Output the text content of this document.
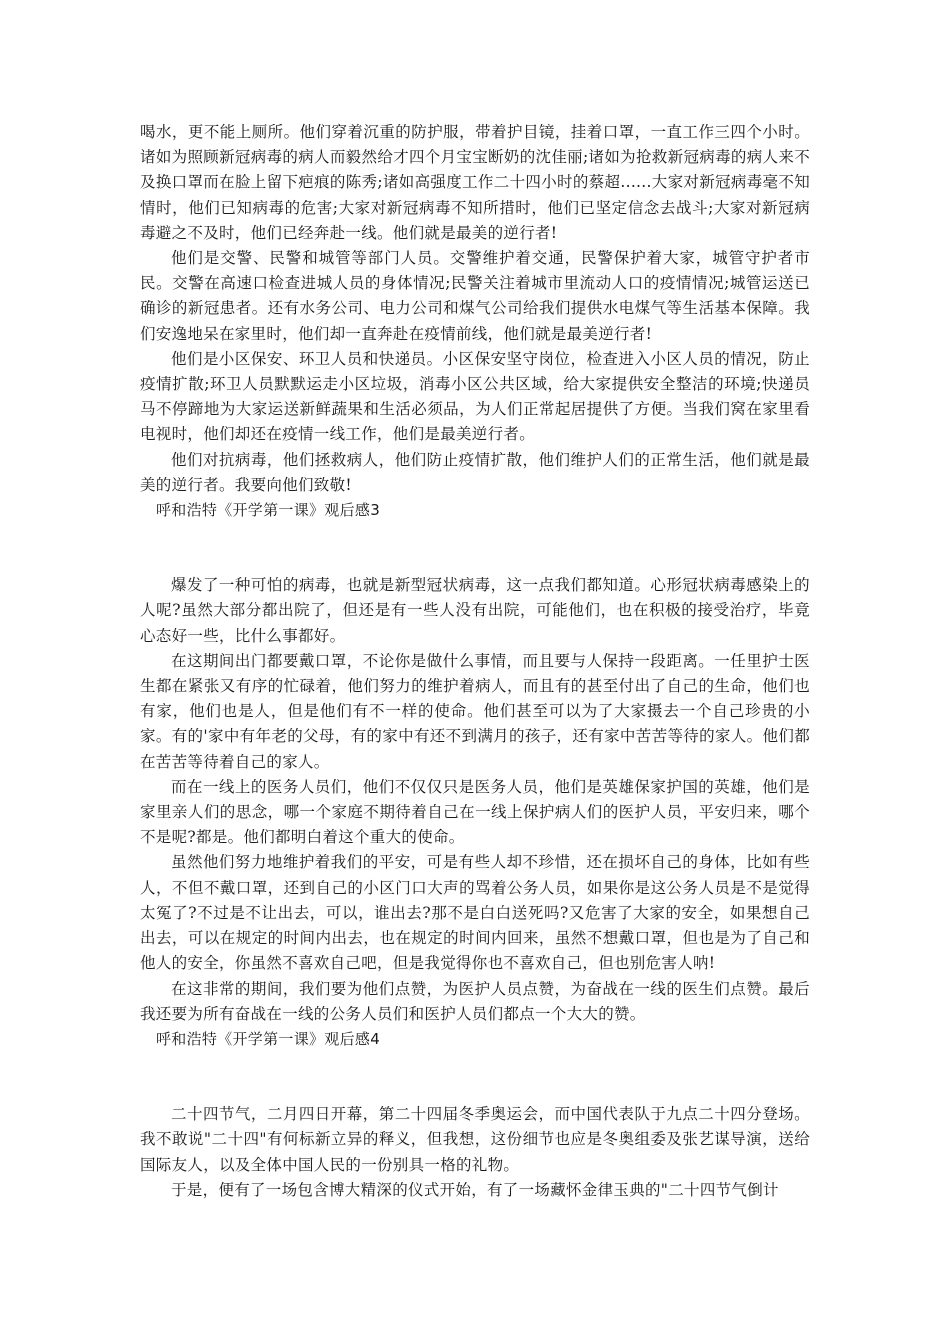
喝水，更不能上厕所。他们穿着沉重的防护服，带着护目镜，挂着口罩，一直工作三四个小时。诸如为照顾新冠病毒的病人而毅然给才四个月宝宝断奶的沈佳丽;诸如为抢救新冠病毒的病人来不及换口罩而在脸上留下疤痕的陈秀;诸如高强度工作二十四小时的蔡超......大家对新冠病毒毫不知情时，他们已知病毒的危害;大家对新冠病毒不知所措时，他们已坚定信念去战斗;大家对新冠病毒避之不及时，他们已经奔赴一线。他们就是最美的逆行者!

他们是交警、民警和城管等部门人员。交警维护着交通，民警保护着大家，城管守护者市民。交警在高速口检查进城人员的身体情况;民警关注着城市里流动人口的疫情情况;城管运送已确诊的新冠患者。还有水务公司、电力公司和煤气公司给我们提供水电煤气等生活基本保障。我们安逸地呆在家里时，他们却一直奔赴在疫情前线，他们就是最美逆行者!

他们是小区保安、环卫人员和快递员。小区保安坚守岗位，检查进入小区人员的情况，防止疫情扩散;环卫人员默默运走小区垃圾，消毒小区公共区域，给大家提供安全整洁的环境;快递员马不停蹄地为大家运送新鲜蔬果和生活必须品，为人们正常起居提供了方便。当我们窝在家里看电视时，他们却还在疫情一线工作，他们是最美逆行者。

他们对抗病毒，他们拯救病人，他们防止疫情扩散，他们维护人们的正常生活，他们就是最美的逆行者。我要向他们致敬!

呼和浩特《开学第一课》观后感3

爆发了一种可怕的病毒，也就是新型冠状病毒，这一点我们都知道。心形冠状病毒感染上的人呢?虽然大部分都出院了，但还是有一些人没有出院，可能他们，也在积极的接受治疗，毕竟心态好一些，比什么事都好。

在这期间出门都要戴口罩，不论你是做什么事情，而且要与人保持一段距离。一任里护士医生都在紧张又有序的忙碌着，他们努力的维护着病人，而且有的甚至付出了自己的生命，他们也有家，他们也是人，但是他们有不一样的使命。他们甚至可以为了大家摄去一个自己珍贵的小家。有的'家中有年老的父母，有的家中有还不到满月的孩子，还有家中苦苦等待的家人。他们都在苦苦等待着自己的家人。

而在一线上的医务人员们，他们不仅仅只是医务人员，他们是英雄保家护国的英雄，他们是家里亲人们的思念，哪一个家庭不期待着自己在一线上保护病人们的医护人员，平安归来，哪个不是呢?都是。他们都明白着这个重大的使命。

虽然他们努力地维护着我们的平安，可是有些人却不珍惜，还在损坏自己的身体，比如有些人，不但不戴口罩，还到自己的小区门口大声的骂着公务人员，如果你是这公务人员是不是觉得太冤了?不过是不让出去，可以，谁出去?那不是白白送死吗?又危害了大家的安全，如果想自己出去，可以在规定的时间内出去，也在规定的时间内回来，虽然不想戴口罩，但也是为了自己和他人的安全，你虽然不喜欢自己吧，但是我觉得你也不喜欢自己，但也别危害人呐!

在这非常的期间，我们要为他们点赞，为医护人员点赞，为奋战在一线的医生们点赞。最后我还要为所有奋战在一线的公务人员们和医护人员们都点一个大大的赞。

呼和浩特《开学第一课》观后感4

二十四节气，二月四日开幕，第二十四届冬季奥运会，而中国代表队于九点二十四分登场。我不敢说"二十四"有何标新立异的释义，但我想，这份细节也应是冬奥组委及张艺谋导演，送给国际友人，以及全体中国人民的一份别具一格的礼物。

于是，便有了一场包含博大精深的仪式开始，有了一场藏怀金律玉典的"二十四节气倒计
